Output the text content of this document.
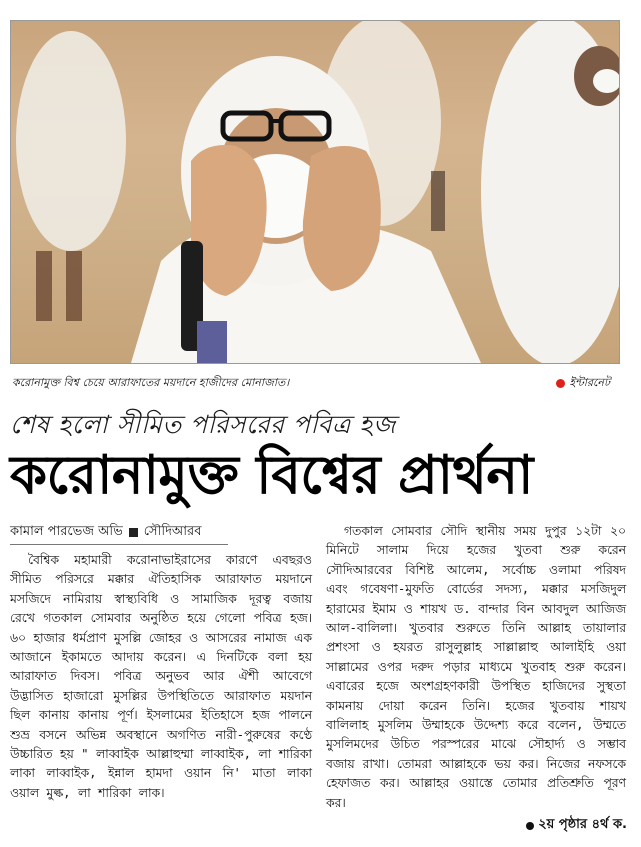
করোনামুক্ত বিশ্ব চেয়ে আরাফাতের ময়দানে হাজীদের মোনাজাত।	ইন্টারনেট
শেষ হলো সীমিত পরিসরের পবিত্র হজ
করোনামুক্ত বিশ্বের প্রার্থনা
কামাল পারভেজ অভি সৌদিআরব

বৈশ্বিক মহামারী করোনাভাইরাসের কারণে এবছরও সীমিত পরিসরে মক্কার ঐতিহাসিক আরাফাত ময়দানে মসজিদে নামিরায় স্বাস্থ্যবিধি ও সামাজিক দূরত্ব বজায় রেখে গতকাল সোমবার অনুষ্ঠিত হয়ে গেলো পবিত্র হজ। ৬০ হাজার ধর্মপ্রাণ মুসল্লি জোহর ও আসরের নামাজ এক আজানে ইকামতে আদায় করেন। এ দিনটিকে বলা হয় আরাফাত দিবস। পবিত্র অনুভব আর ঐশী আবেগে উদ্ভাসিত হাজারো মুসল্লির উপস্থিতিতে আরাফাত ময়দান ছিল কানায় কানায় পূর্ণ। ইসলামের ইতিহাসে হজ পালনে শুভ্র বসনে অভিন্ন অবস্থানে অগণিত নারী-পুরুষের কণ্ঠে উচ্চারিত হয় " লাব্বাইক আল্লাহুম্মা লাব্বাইক, লা শারিকা লাকা লাব্বাইক, ইন্নাল হামদা ওয়ান নি' মাতা লাকা ওয়াল মুল্ক, লা শারিকা লাক।

গতকাল সোমবার সৌদি স্থানীয় সময় দুপুর ১২টা ২০ মিনিটে সালাম দিয়ে হজের খুতবা শুরু করেন সৌদিআরবের বিশিষ্ট আলেম, সর্বোচ্চ ওলামা পরিষদ এবং গবেষণা-মুফতি বোর্ডের সদস্য, মক্কার মসজিদুল হারামের ইমাম ও শায়খ ড. বান্দার বিন আবদুল আজিজ আল-বালিলা। খুতবার শুরুতে তিনি আল্লাহ তায়ালার প্রশংসা ও হযরত রাসুলুল্লাহ সাল্লাল্লাহু আলাইহি ওয়া সাল্লামের ওপর দরুদ পড়ার মাধ্যমে খুতবাহ শুরু করেন। এবারের হজে অংশগ্রহণকারী উপস্থিত হাজিদের সুস্থতা কামনায় দোয়া করেন তিনি। হজের খুতবায় শায়খ বালিলাহ মুসলিম উম্মাহকে উদ্দেশ্য করে বলেন, উম্মতে মুসলিমদের উচিত পরস্পরের মাঝে সৌহার্দ্য ও সম্ভাব বজায় রাখা। তোমরা আল্লাহকে ভয় কর। নিজের নফসকে হেফাজত কর। আল্লাহর ওয়াস্তে তোমার প্রতিশ্রুতি পূরণ কর।

২য় পৃষ্ঠার ৪র্থ ক.
